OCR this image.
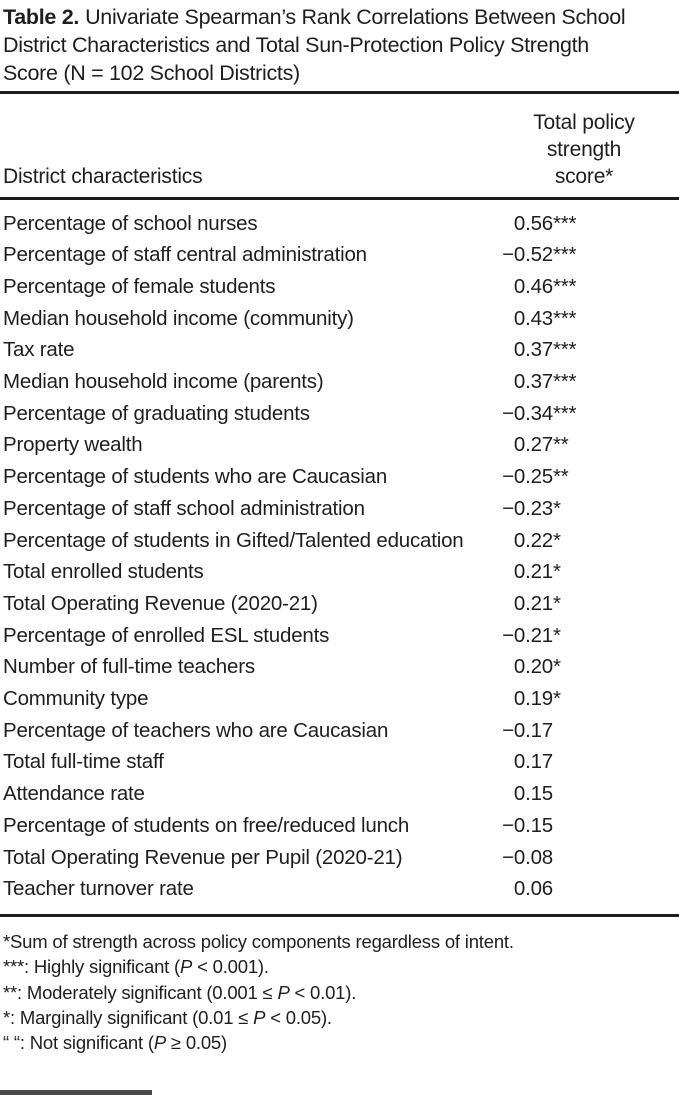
Table 2. Univariate Spearman’s Rank Correlations Between School
District Characteristics and Total Sun-Protection Policy Strength
Score (N = 102 School Districts)
District characteristics
Total policy
strength
score*
Percentage of school nurses	0.56 ***
Percentage of staff central administration	−0.52 ***
Percentage of female students	0.46 ***
Median household income (community)	0.43 ***
Tax rate	0.37 ***
Median household income (parents)	0.37 ***
Percentage of graduating students	−0.34 ***
Property wealth	0.27 **
Percentage of students who are Caucasian	−0.25 **
Percentage of staff school administration	−0.23 *
Percentage of students in Gifted/Talented education	0.22 *
Total enrolled students	0.21 *
Total Operating Revenue (2020-21)	0.21 *
Percentage of enrolled ESL students	−0.21 *
Number of full-time teachers	0.20 *
Community type	0.19 *
Percentage of teachers who are Caucasian	−0.17
Total full-time staff	0.17
Attendance rate	0.15
Percentage of students on free/reduced lunch	−0.15
Total Operating Revenue per Pupil (2020-21)	−0.08
Teacher turnover rate	0.06
*Sum of strength across policy components regardless of intent.
***: Highly significant (P < 0.001).
**: Moderately significant (0.001 ≤ P < 0.01).
*: Marginally significant (0.01 ≤ P < 0.05).
“ “: Not significant (P ≥ 0.05)
